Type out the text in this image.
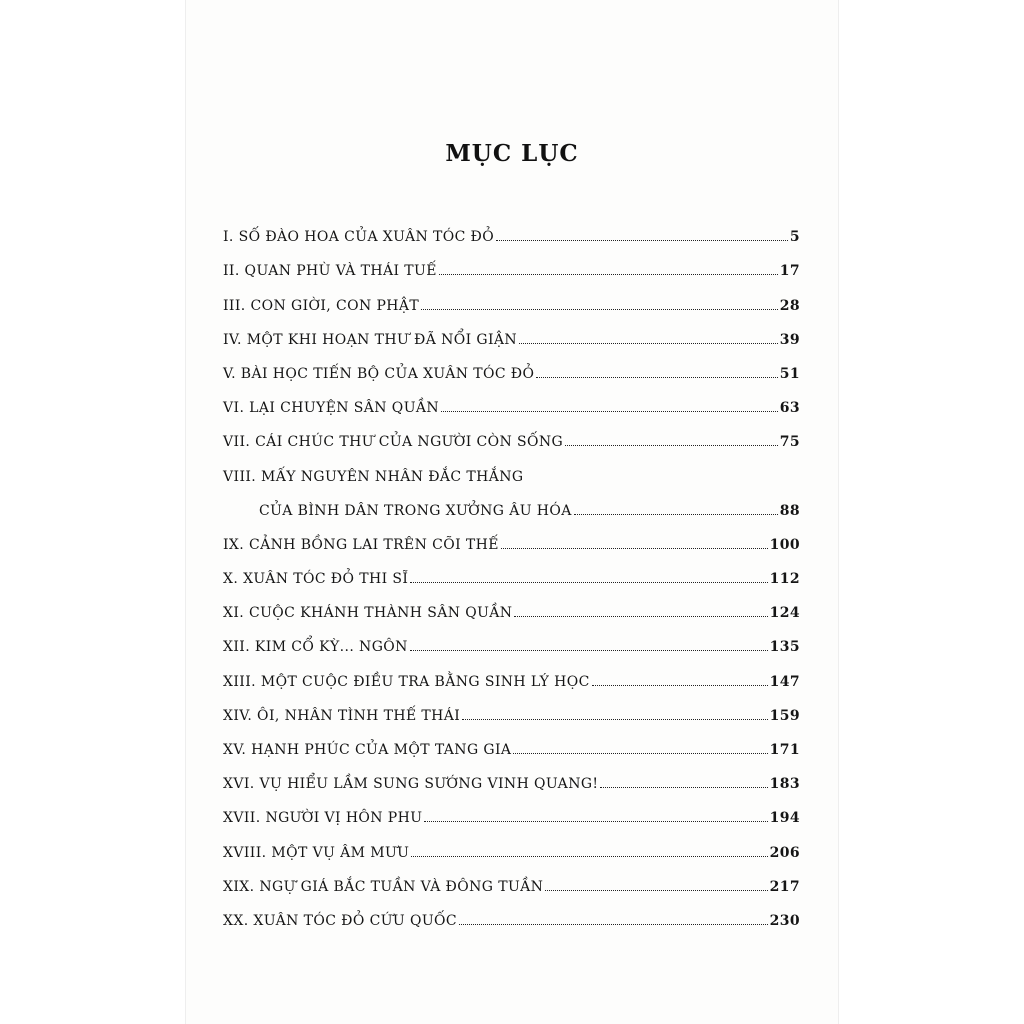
MỤC LỤC
I. SỐ ĐÀO HOA CỦA XUÂN TÓC ĐỎ	5
II. QUAN PHÙ VÀ THÁI TUẾ	17
III. CON GIỜI, CON PHẬT	28
IV. MỘT KHI HOẠN THƯ ĐÃ NỔI GIẬN	39
V. BÀI HỌC TIẾN BỘ CỦA XUÂN TÓC ĐỎ	51
VI. LẠI CHUYỆN SÂN QUẦN	63
VII. CÁI CHÚC THƯ CỦA NGƯỜI CÒN SỐNG	75
VIII. MẤY NGUYÊN NHÂN ĐẮC THẮNG
CỦA BÌNH DÂN TRONG XƯỞNG ÂU HÓA	88
IX. CẢNH BỒNG LAI TRÊN CÕI THẾ	100
X. XUÂN TÓC ĐỎ THI SĨ	112
XI. CUỘC KHÁNH THÀNH SÂN QUẦN	124
XII. KIM CỔ KỲ... NGÔN	135
XIII. MỘT CUỘC ĐIỀU TRA BẰNG SINH LÝ HỌC	147
XIV. ÔI, NHÂN TÌNH THẾ THÁI	159
XV. HẠNH PHÚC CỦA MỘT TANG GIA	171
XVI. VỤ HIỂU LẦM SUNG SƯỚNG VINH QUANG!	183
XVII. NGƯỜI VỊ HÔN PHU	194
XVIII. MỘT VỤ ÂM MƯU	206
XIX. NGỰ GIÁ BẮC TUẦN VÀ ĐÔNG TUẦN	217
XX. XUÂN TÓC ĐỎ CỨU QUỐC	230
